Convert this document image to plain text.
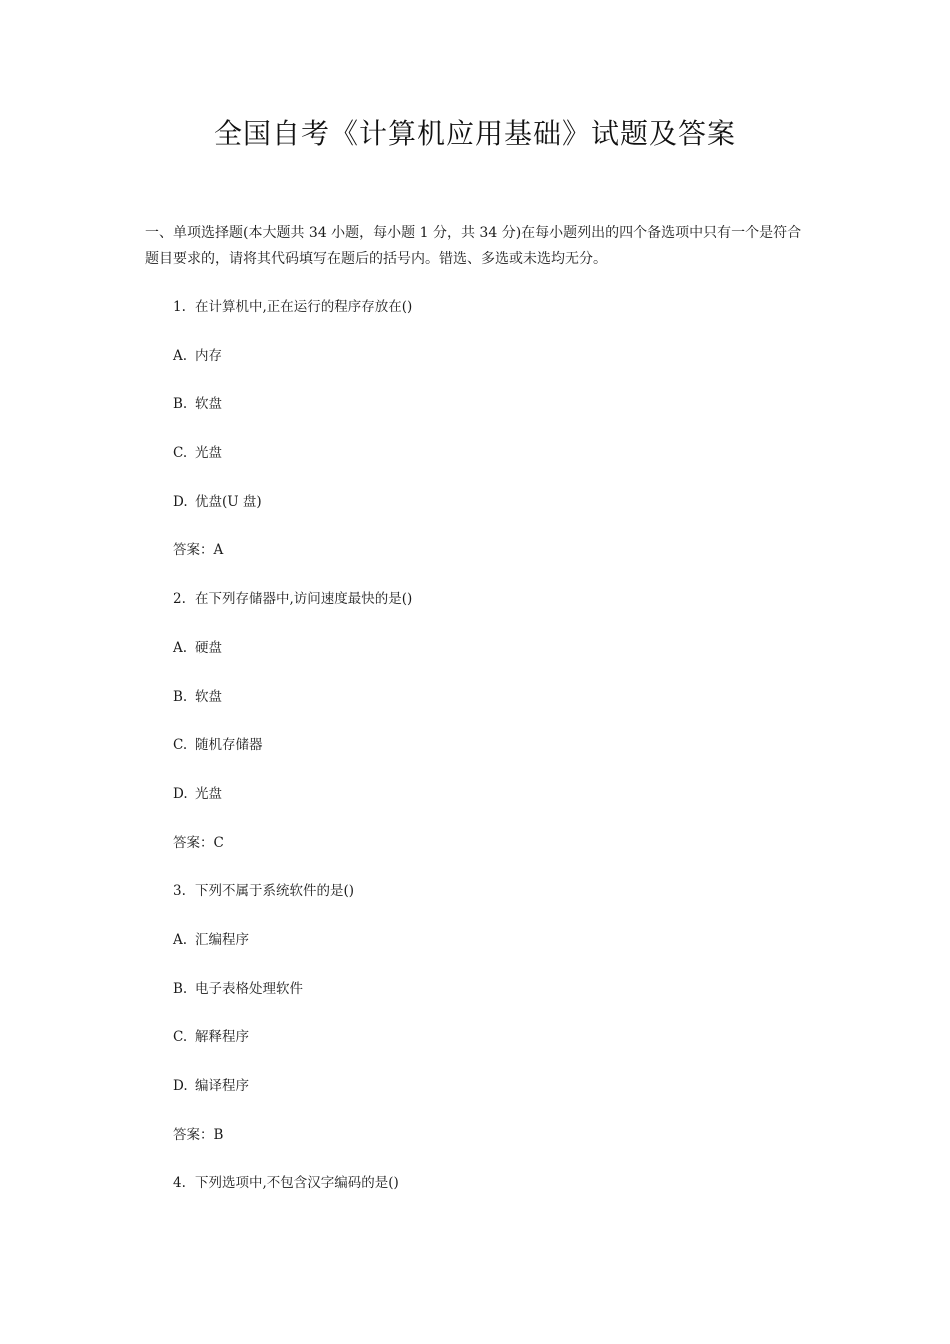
全国自考《计算机应用基础》试题及答案

一、单项选择题(本大题共 34 小题，每小题 1 分，共 34 分)在每小题列出的四个备选项中只有一个是符合
题目要求的，请将其代码填写在题后的括号内。错选、多选或未选均无分。

1. 在计算机中,正在运行的程序存放在()
A. 内存
B. 软盘
C. 光盘
D. 优盘(U 盘)
答案：A
2. 在下列存储器中,访问速度最快的是()
A. 硬盘
B. 软盘
C. 随机存储器
D. 光盘
答案：C
3. 下列不属于系统软件的是()
A. 汇编程序
B. 电子表格处理软件
C. 解释程序
D. 编译程序
答案：B
4. 下列选项中,不包含汉字编码的是()
